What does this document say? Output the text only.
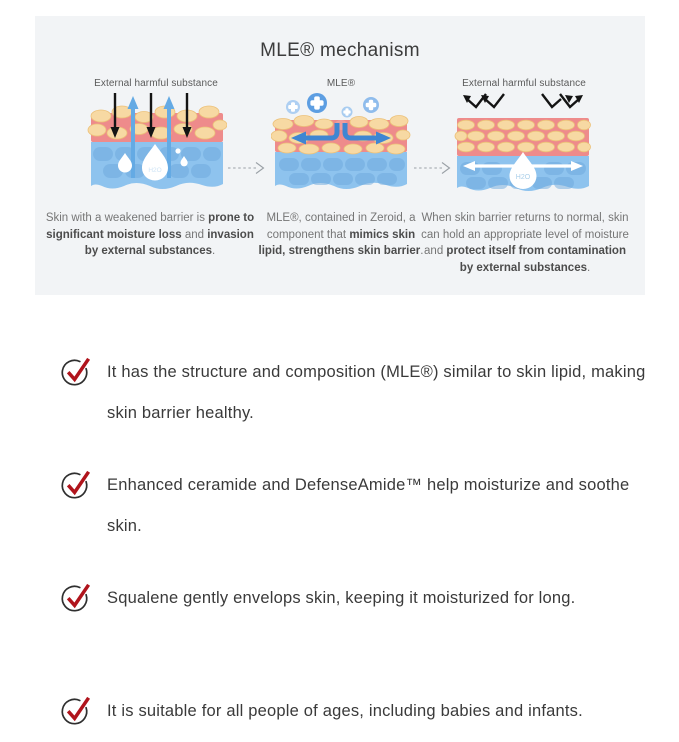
MLE® mechanism
External harmful substance	MLE®	External harmful substance
H2O
H2O
Skin with a weakened barrier is prone to significant moisture loss and invasion by external substances.
MLE®, contained in Zeroid, a component that mimics skin lipid, strengthens skin barrier.
When skin barrier returns to normal, skin can hold an appropriate level of moisture and protect itself from contamination by external substances.

It has the structure and composition (MLE®) similar to skin lipid, making skin barrier healthy.

Enhanced ceramide and DefenseAmide™ help moisturize and soothe skin.

Squalene gently envelops skin, keeping it moisturized for long.

It is suitable for all people of ages, including babies and infants.
